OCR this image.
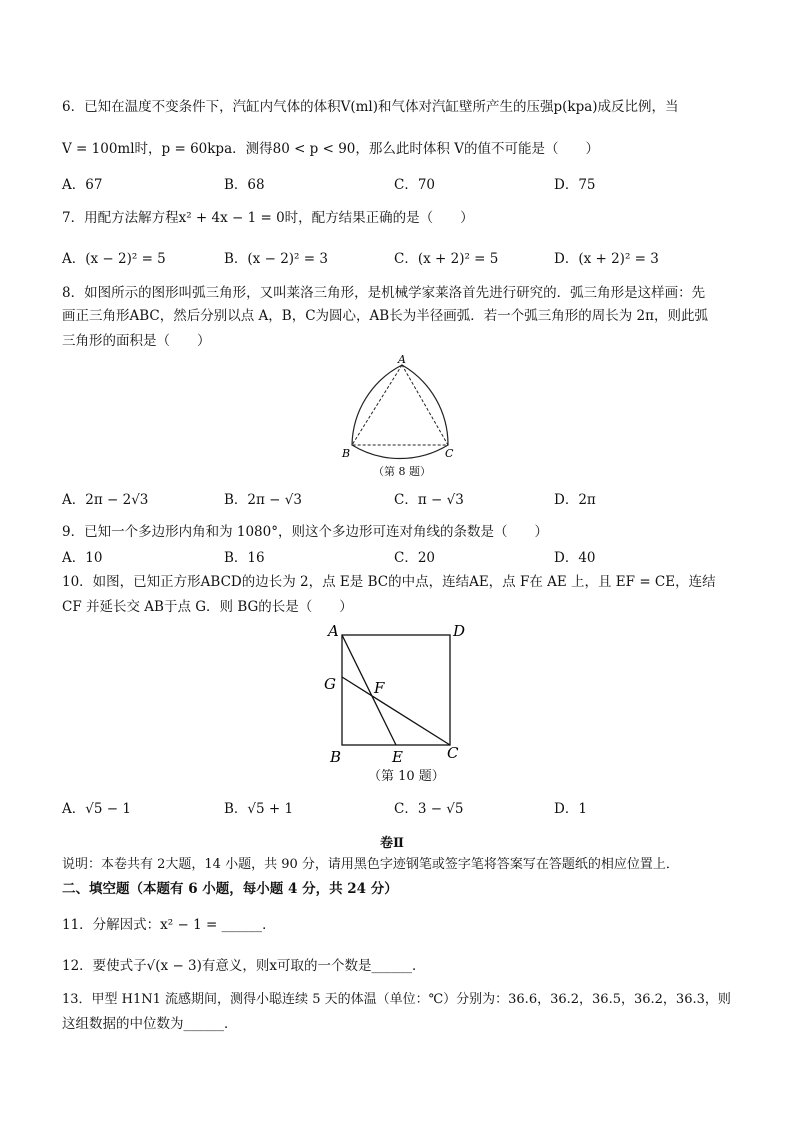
6．已知在温度不变条件下，汽缸内气体的体积V(ml)和气体对汽缸壁所产生的压强p(kpa)成反比例，当
V = 100ml时，p = 60kpa．测得80 < p < 90，那么此时体积 V的值不可能是（　　）
A．67	B．68	C．70	D．75
7．用配方法解方程x² + 4x − 1 = 0时，配方结果正确的是（　　）
A．(x − 2)² = 5	B．(x − 2)² = 3	C．(x + 2)² = 5	D．(x + 2)² = 3
8．如图所示的图形叫弧三角形，又叫莱洛三角形，是机械学家莱洛首先进行研究的．弧三角形是这样画：先
画正三角形ABC，然后分别以点 A，B，C为圆心，AB长为半径画弧．若一个弧三角形的周长为 2π，则此弧
三角形的面积是（　　）
A
B	C
（第 8 题）
A．2π − 2√3	B．2π − √3	C．π − √3	D．2π
9．已知一个多边形内角和为 1080°，则这个多边形可连对角线的条数是（　　）
A．10	B．16	C．20	D．40
10．如图，已知正方形ABCD的边长为 2，点 E是 BC的中点，连结AE，点 F在 AE 上，且 EF = CE，连结
CF 并延长交 AB于点 G．则 BG的长是（　　）
A	D
G	F
B	E	C
（第 10 题）
A．√5 − 1	B．√5 + 1	C．3 − √5	D．1
卷Ⅱ
说明：本卷共有 2大题，14 小题，共 90 分，请用黑色字迹钢笔或签字笔将答案写在答题纸的相应位置上．
二、填空题（本题有 6 小题，每小题 4 分，共 24 分）
11．分解因式：x² − 1 = ______．
12．要使式子√(x − 3)有意义，则x可取的一个数是______．
13．甲型 H1N1 流感期间，测得小聪连续 5 天的体温（单位：℃）分别为：36.6，36.2，36.5，36.2，36.3，则
这组数据的中位数为______．
